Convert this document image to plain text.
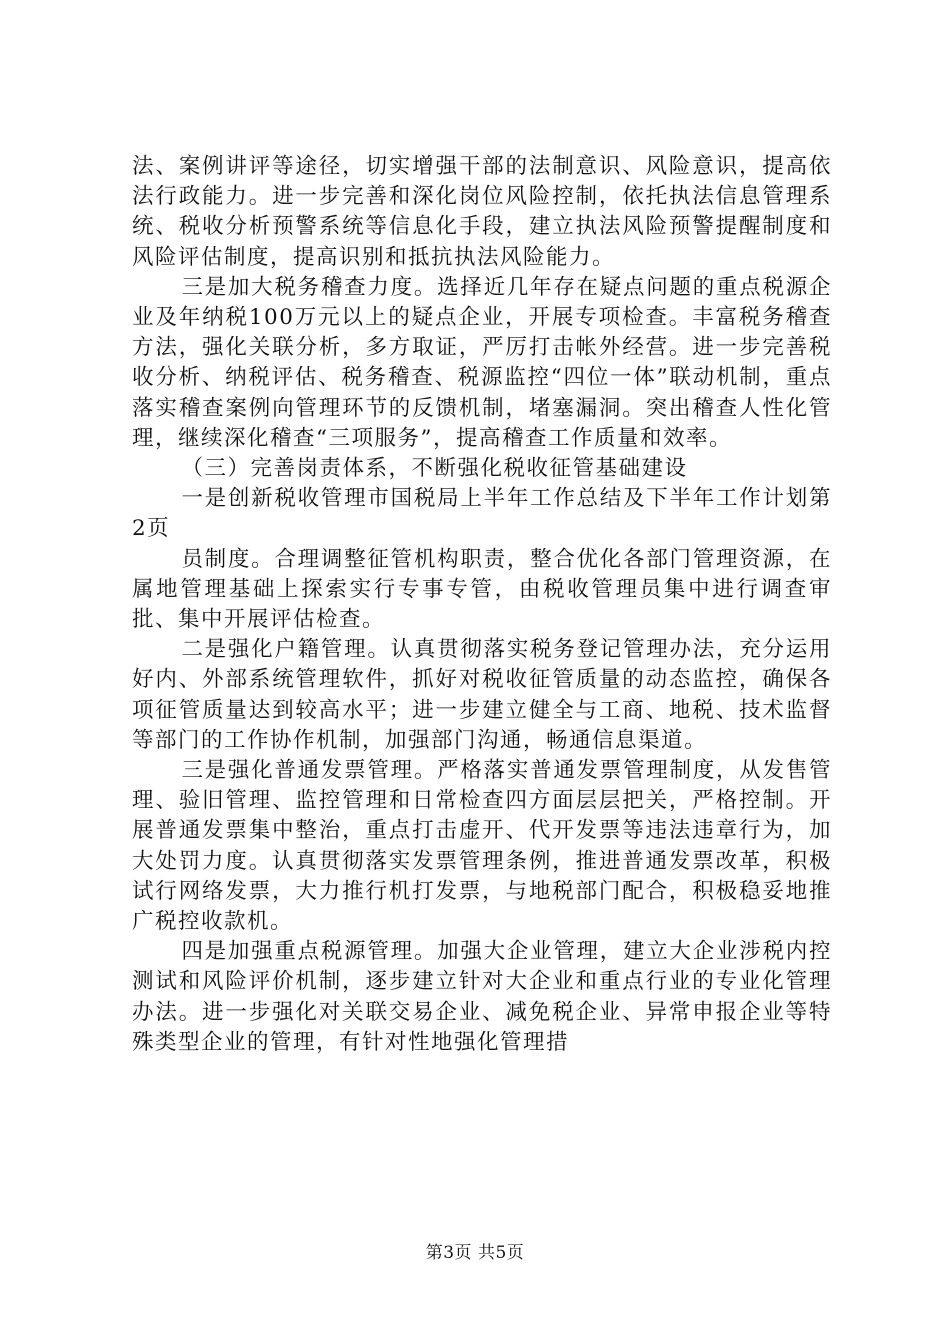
法、案例讲评等途径，切实增强干部的法制意识、风险意识，提高依法行政能力。进一步完善和深化岗位风险控制，依托执法信息管理系统、税收分析预警系统等信息化手段，建立执法风险预警提醒制度和风险评估制度，提高识别和抵抗执法风险能力。

三是加大税务稽查力度。选择近几年存在疑点问题的重点税源企业及年纳税100万元以上的疑点企业，开展专项检查。丰富税务稽查方法，强化关联分析，多方取证，严厉打击帐外经营。进一步完善税收分析、纳税评估、税务稽查、税源监控“四位一体”联动机制，重点落实稽查案例向管理环节的反馈机制，堵塞漏洞。突出稽查人性化管理，继续深化稽查“三项服务”，提高稽查工作质量和效率。

（三）完善岗责体系，不断强化税收征管基础建设

一是创新税收管理市国税局上半年工作总结及下半年工作计划第2页

员制度。合理调整征管机构职责，整合优化各部门管理资源，在属地管理基础上探索实行专事专管，由税收管理员集中进行调查审批、集中开展评估检查。

二是强化户籍管理。认真贯彻落实税务登记管理办法，充分运用好内、外部系统管理软件，抓好对税收征管质量的动态监控，确保各项征管质量达到较高水平；进一步建立健全与工商、地税、技术监督等部门的工作协作机制，加强部门沟通，畅通信息渠道。

三是强化普通发票管理。严格落实普通发票管理制度，从发售管理、验旧管理、监控管理和日常检查四方面层层把关，严格控制。开展普通发票集中整治，重点打击虚开、代开发票等违法违章行为，加大处罚力度。认真贯彻落实发票管理条例，推进普通发票改革，积极试行网络发票，大力推行机打发票，与地税部门配合，积极稳妥地推广税控收款机。

四是加强重点税源管理。加强大企业管理，建立大企业涉税内控测试和风险评价机制，逐步建立针对大企业和重点行业的专业化管理办法。进一步强化对关联交易企业、减免税企业、异常申报企业等特殊类型企业的管理，有针对性地强化管理措

第3页 共5页
